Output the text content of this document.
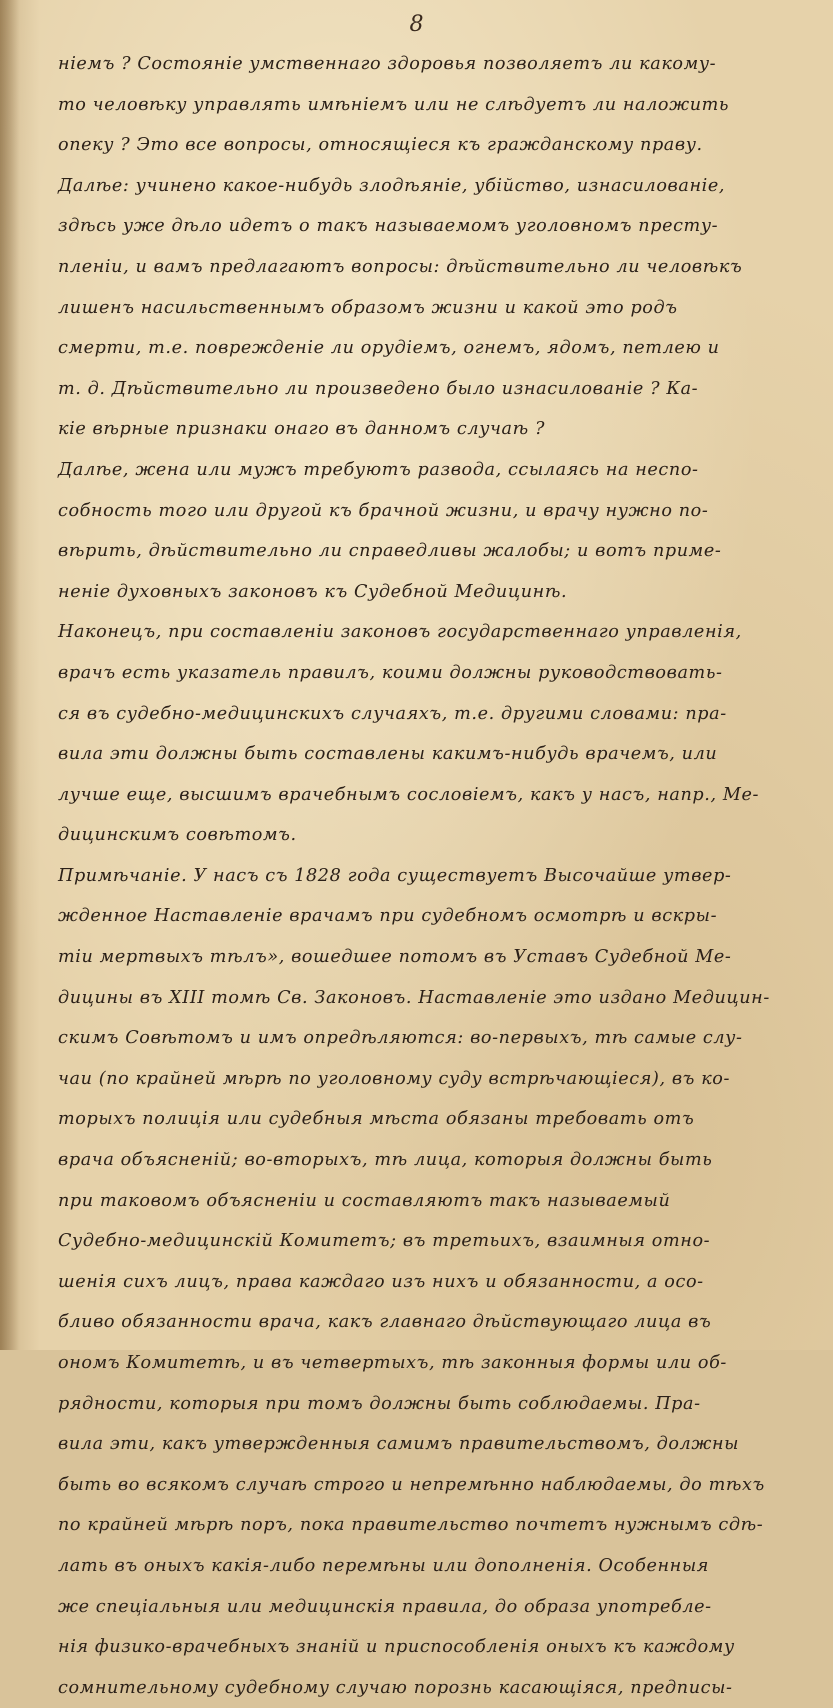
8
ніемъ ? Состояніе умственнаго здоровья позволяетъ ли какому-
то человѣку управлять имѣніемъ или не слѣдуетъ ли наложить
опеку ? Это все вопросы, относящіеся къ гражданскому праву.
Далѣе: учинено какое-нибудь злодѣяніе, убійство, изнасилованіе,
здѣсь уже дѣло идетъ о такъ называемомъ уголовномъ престу-
пленіи, и вамъ предлагаютъ вопросы: дѣйствительно ли человѣкъ
лишенъ насильственнымъ образомъ жизни и какой это родъ
смерти, т.е. поврежденіе ли орудіемъ, огнемъ, ядомъ, петлею и
т. д. Дѣйствительно ли произведено было изнасилованіе ? Ка-
кіе вѣрные признаки онаго въ данномъ случаѣ ?
Далѣе, жена или мужъ требуютъ развода, ссылаясь на неспо-
собность того или другой къ брачной жизни, и врачу нужно по-
вѣрить, дѣйствительно ли справедливы жалобы; и вотъ приме-
неніе духовныхъ законовъ къ Судебной Медицинѣ.
Наконецъ, при составленіи законовъ государственнаго управленія,
врачъ есть указатель правилъ, коими должны руководствовать-
ся въ судебно-медицинскихъ случаяхъ, т.е. другими словами: пра-
вила эти должны быть составлены какимъ-нибудь врачемъ, или
лучше еще, высшимъ врачебнымъ сословіемъ, какъ у насъ, напр., Ме-
дицинскимъ совѣтомъ.
Примѣчаніе. У насъ съ 1828 года существуетъ Высочайше утвер-
жденное Наставленіе врачамъ при судебномъ осмотрѣ и вскры-
тіи мертвыхъ тѣлъ», вошедшее потомъ въ Уставъ Судебной Ме-
дицины въ XIII томѣ Св. Законовъ. Наставленіе это издано Медицин-
скимъ Совѣтомъ и имъ опредѣляются: во-первыхъ, тѣ самые слу-
чаи (по крайней мѣрѣ по уголовному суду встрѣчающіеся), въ ко-
торыхъ полиція или судебныя мѣста обязаны требовать отъ
врача объясненій; во-вторыхъ, тѣ лица, которыя должны быть
при таковомъ объясненіи и составляютъ такъ называемый
Судебно-медицинскій Комитетъ; въ третьихъ, взаимныя отно-
шенія сихъ лицъ, права каждаго изъ нихъ и обязанности, а осо-
бливо обязанности врача, какъ главнаго дѣйствующаго лица въ
ономъ Комитетѣ, и въ четвертыхъ, тѣ законныя формы или об-
рядности, которыя при томъ должны быть соблюдаемы. Пра-
вила эти, какъ утвержденныя самимъ правительствомъ, должны
быть во всякомъ случаѣ строго и непремѣнно наблюдаемы, до тѣхъ
по крайней мѣрѣ поръ, пока правительство почтетъ нужнымъ сдѣ-
лать въ оныхъ какія-либо перемѣны или дополненія. Особенныя
же спеціальныя или медицинскія правила, до образа употребле-
нія физико-врачебныхъ знаній и приспособленія оныхъ къ каждому
сомнительному судебному случаю порознь касающіяся, предписы-
